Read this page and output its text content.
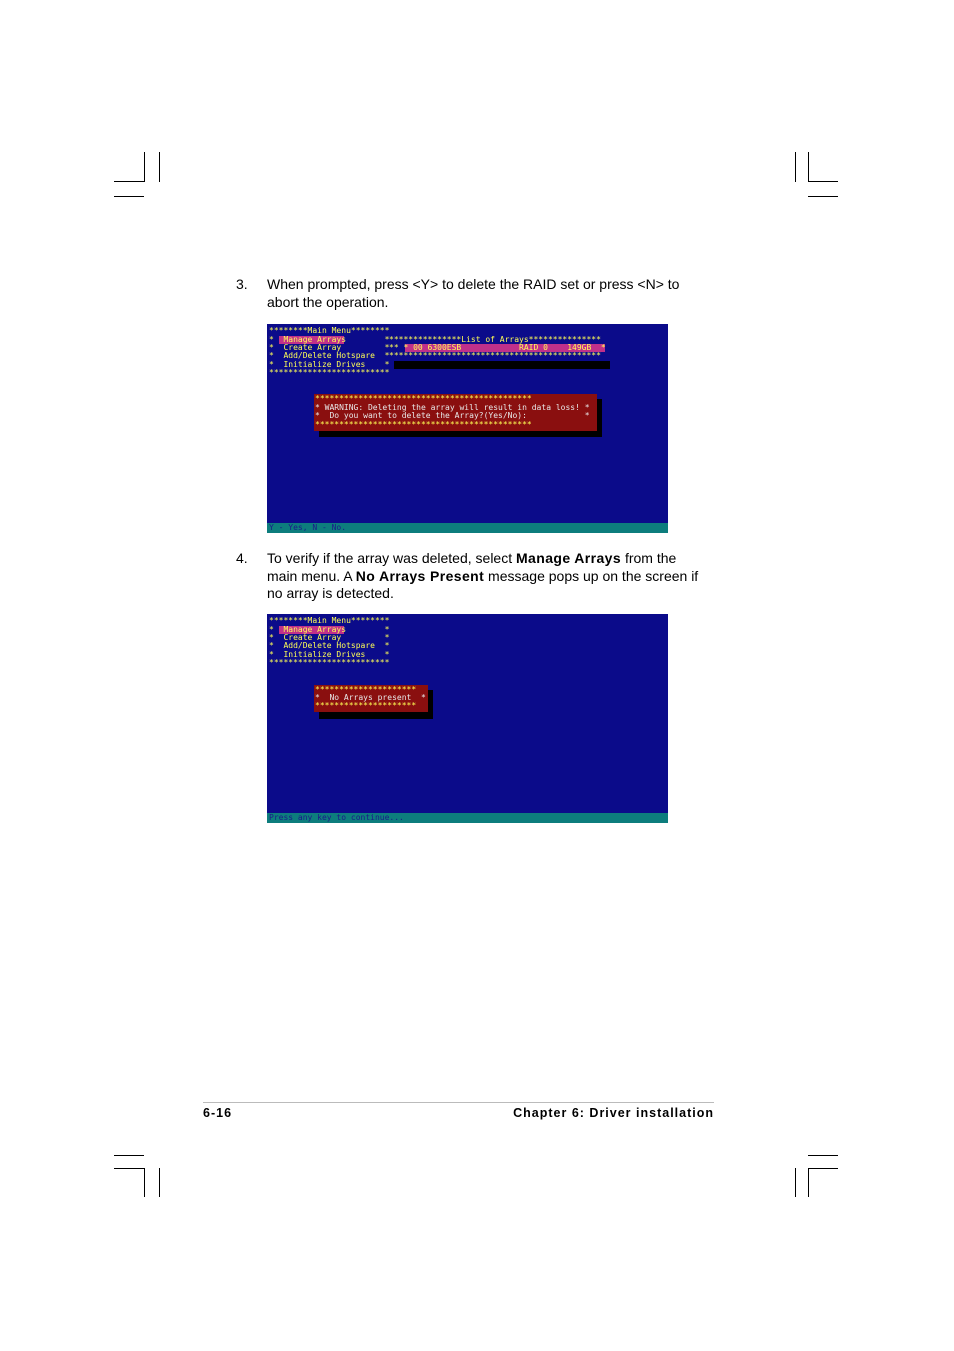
3. When prompted, press <Y> to delete the RAID set or press <N> to abort the operation.
********Main Menu********
*  Manage Arrays        *
*  Create Array         *
*  Add/Delete Hotspare  *
*  Initialize Drives    *
*************************
***************List of Arrays***************
** * 00 6300ESB            RAID 0    149GB  *
********************************************
*********************************************
* WARNING: Deleting the array will result in data loss! *
*  Do you want to delete the Array?(Yes/No):            *
*********************************************
Y - Yes, N - No.
4. To verify if the array was deleted, select Manage Arrays from the main menu. A No Arrays Present message pops up on the screen if no array is detected.
********Main Menu********
*  Manage Arrays        *
*  Create Array         *
*  Add/Delete Hotspare  *
*  Initialize Drives    *
*************************
*********************
*  No Arrays present  *
*********************
Press any key to continue...
6-16	Chapter 6: Driver installation
